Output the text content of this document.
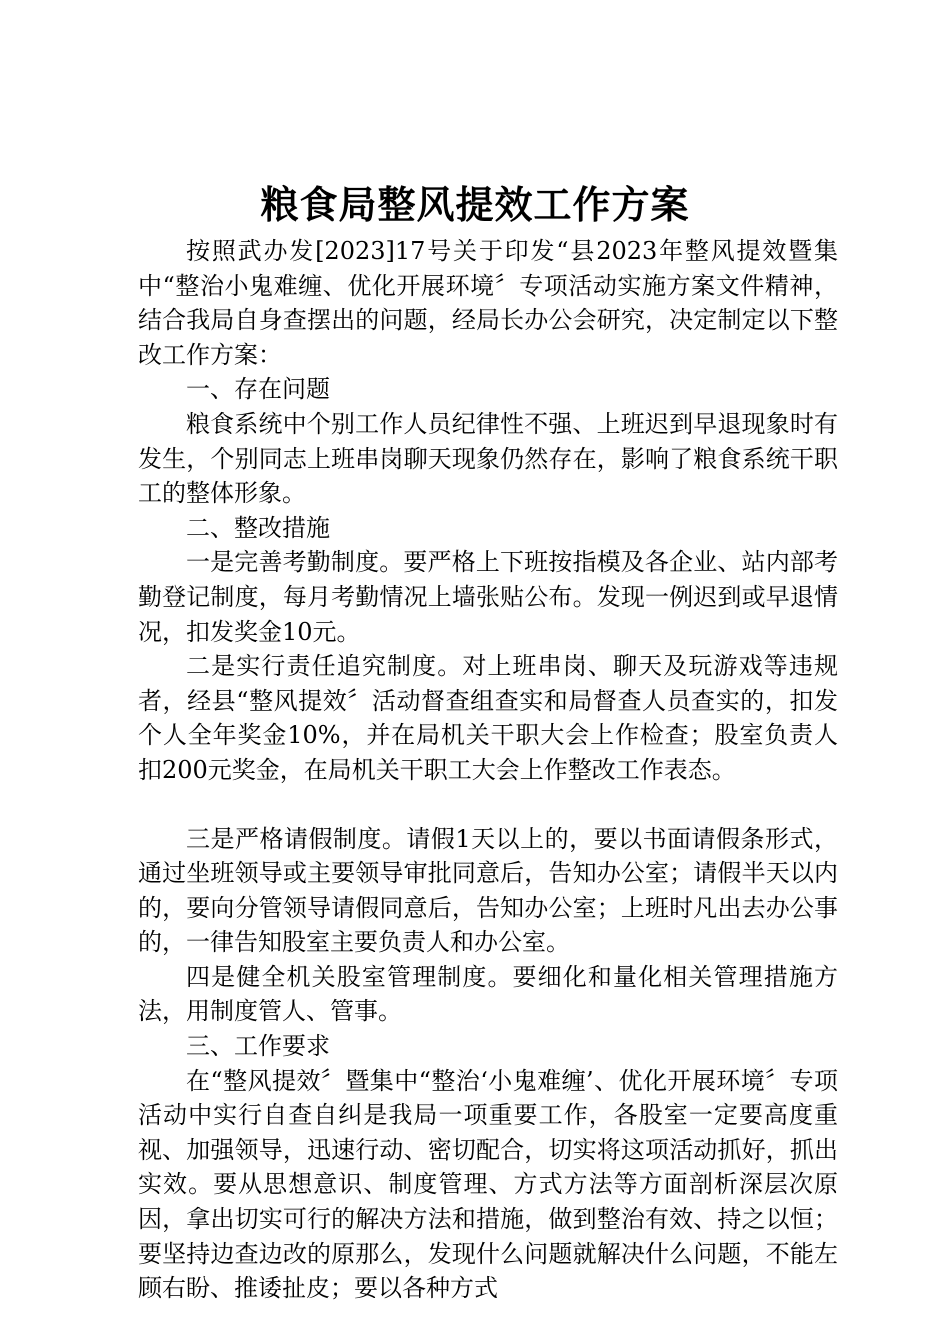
粮食局整风提效工作方案

按照武办发[2023]17号关于印发“县2023年整风提效暨集中“整治小鬼难缠、优化开展环境〞专项活动实施方案文件精神，结合我局自身查摆出的问题，经局长办公会研究，决定制定以下整改工作方案：

一、存在问题

粮食系统中个别工作人员纪律性不强、上班迟到早退现象时有发生，个别同志上班串岗聊天现象仍然存在，影响了粮食系统干职工的整体形象。

二、整改措施

一是完善考勤制度。要严格上下班按指模及各企业、站内部考勤登记制度，每月考勤情况上墙张贴公布。发现一例迟到或早退情况，扣发奖金10元。

二是实行责任追究制度。对上班串岗、聊天及玩游戏等违规者，经县“整风提效〞活动督查组查实和局督查人员查实的，扣发个人全年奖金10%，并在局机关干职大会上作检查；股室负责人扣200元奖金，在局机关干职工大会上作整改工作表态。

三是严格请假制度。请假1天以上的，要以书面请假条形式，通过坐班领导或主要领导审批同意后，告知办公室；请假半天以内的，要向分管领导请假同意后，告知办公室；上班时凡出去办公事的，一律告知股室主要负责人和办公室。

四是健全机关股室管理制度。要细化和量化相关管理措施方法，用制度管人、管事。

三、工作要求

在“整风提效〞暨集中“整治‘小鬼难缠’、优化开展环境〞专项活动中实行自查自纠是我局一项重要工作，各股室一定要高度重视、加强领导，迅速行动、密切配合，切实将这项活动抓好，抓出实效。要从思想意识、制度管理、方式方法等方面剖析深层次原因，拿出切实可行的解决方法和措施，做到整治有效、持之以恒；要坚持边查边改的原那么，发现什么问题就解决什么问题，不能左顾右盼、推诿扯皮；要以各种方式
